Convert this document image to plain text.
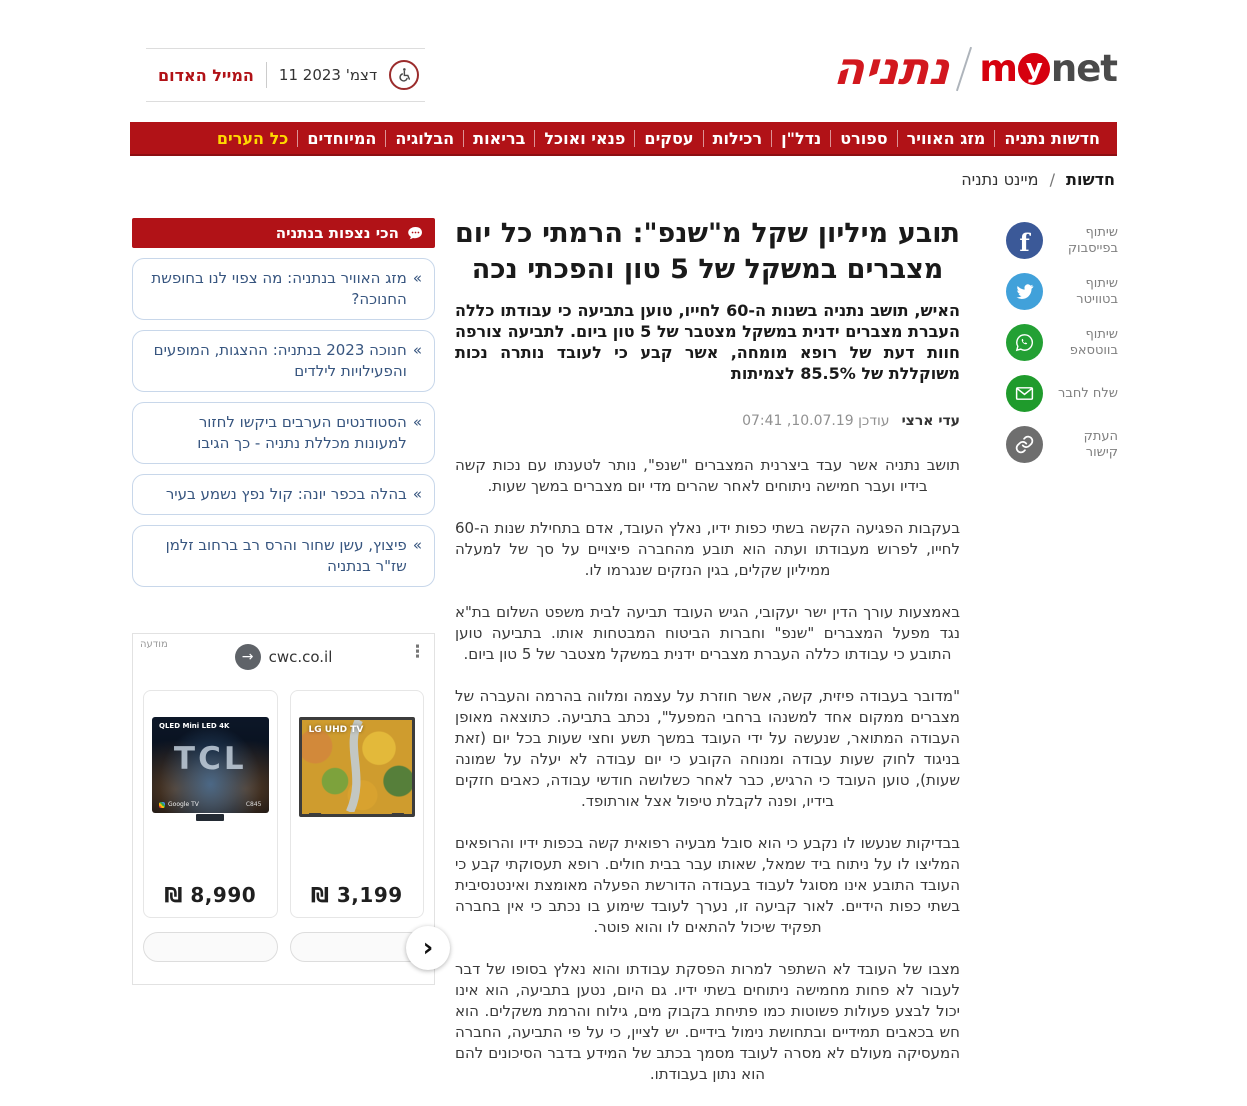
m y net
נתניה
11 דצמ' 2023
המייל האדום
חדשות נתניה
מזג האוויר
ספורט
נדל"ן
רכילות
עסקים
פנאי ואוכל
בריאות
הבלוגיה
המיוחדים
כל הערים
חדשות / מיינט נתניה
שיתוף בפייסבוק
f
שיתוף בטוויטר
שיתוף בווטסאפ
שלח לחבר
העתק קישור
תובע מיליון שקל מ"שנפ": הרמתי כל יום מצברים במשקל של 5 טון והפכתי נכה
האיש, תושב נתניה בשנות ה-60 לחייו, טוען בתביעה כי עבודתו כללה העברת מצברים ידנית במשקל מצטבר של 5 טון ביום. לתביעה צורפה חוות דעת של רופא מומחה, אשר קבע כי לעובד נותרה נכות משוקללת של 85.5% לצמיתות
עדי ארצי
עודכן 10.07.19, 07:41

תושב נתניה אשר עבד ביצרנית המצברים "שנפ", נותר לטענתו עם נכות קשה בידיו ועבר חמישה ניתוחים לאחר שהרים מדי יום מצברים במשך שעות.

בעקבות הפגיעה הקשה בשתי כפות ידיו, נאלץ העובד, אדם בתחילת שנות ה-60 לחייו, לפרוש מעבודתו ועתה הוא תובע מהחברה פיצויים על סך של למעלה ממיליון שקלים, בגין הנזקים שנגרמו לו.

באמצעות עורך הדין ישר יעקובי, הגיש העובד תביעה לבית משפט השלום בת"א נגד מפעל המצברים "שנפ" וחברות הביטוח המבטחות אותו. בתביעה טוען התובע כי עבודתו כללה העברת מצברים ידנית במשקל מצטבר של 5 טון ביום.

"מדובר בעבודה פיזית, קשה, אשר חוזרת על עצמה ומלווה בהרמה והעברה של מצברים ממקום אחד למשנהו ברחבי המפעל", נכתב בתביעה. כתוצאה מאופן העבודה המתואר, שנעשה על ידי העובד במשך תשע וחצי שעות בכל יום (זאת בניגוד לחוק שעות עבודה ומנוחה הקובע כי יום עבודה לא יעלה על שמונה שעות), טוען העובד כי הרגיש, כבר לאחר כשלושה חודשי עבודה, כאבים חזקים בידיו, ופנה לקבלת טיפול אצל אורתופד.

בבדיקות שנעשו לו נקבע כי הוא סובל מבעיה רפואית קשה בכפות ידיו והרופאים המליצו לו על ניתוח ביד שמאל, שאותו עבר בבית חולים. רופא תעסוקתי קבע כי העובד התובע אינו מסוגל לעבוד בעבודה הדורשת הפעלה מאומצת ואינטנסיבית בשתי כפות הידיים. לאור קביעה זו, נערך לעובד שימוע בו נכתב כי אין בחברה תפקיד שיכול להתאים לו והוא פוטר.

מצבו של העובד לא השתפר למרות הפסקת עבודתו והוא נאלץ בסופו של דבר לעבור לא פחות מחמישה ניתוחים בשתי ידיו. גם היום, נטען בתביעה, הוא אינו יכול לבצע פעולות פשוטות כמו פתיחת בקבוק מים, גילוח והרמת משקלים. הוא חש בכאבים תמידיים ובתחושת נימול בידיים. יש לציין, כי על פי התביעה, החברה המעסיקה מעולם לא מסרה לעובד מסמך בכתב של המידע בדבר הסיכונים להם הוא נתון בעבודתו.

הכי נצפות בנתניה
«
מזג האוויר בנתניה: מה צפוי לנו בחופשת החנוכה?
«
חנוכה 2023 בנתניה: ההצגות, המופעים והפעילויות לילדים
«
הסטודנטים הערבים ביקשו לחזור למעונות מכללת נתניה - כך הגיבו
«
בהלה בכפר יונה: קול נפץ נשמע בעיר
«
פיצוץ, עשן שחור והרס רב ברחוב זלמן שז"ר בנתניה
מודעה
→	cwc.co.il	⋮
QLED Mini LED 4K
TCL
Google TV	C845
₪ 8,990
LG UHD TV
₪ 3,199
›
